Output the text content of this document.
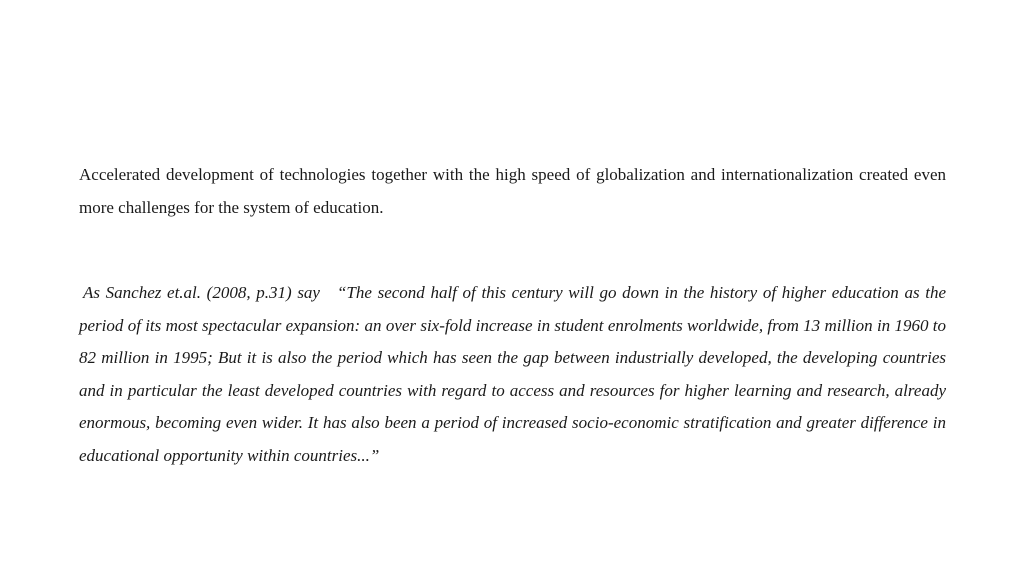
Accelerated development of technologies together with the high speed of globalization and internationalization created even more challenges for the system of education.

As Sanchez et.al. (2008, p.31) say “The second half of this century will go down in the history of higher education as the period of its most spectacular expansion: an over six-fold increase in student enrolments worldwide, from 13 million in 1960 to 82 million in 1995; But it is also the period which has seen the gap between industrially developed, the developing countries and in particular the least developed countries with regard to access and resources for higher learning and research, already enormous, becoming even wider. It has also been a period of increased socio-economic stratification and greater difference in educational opportunity within countries...”
